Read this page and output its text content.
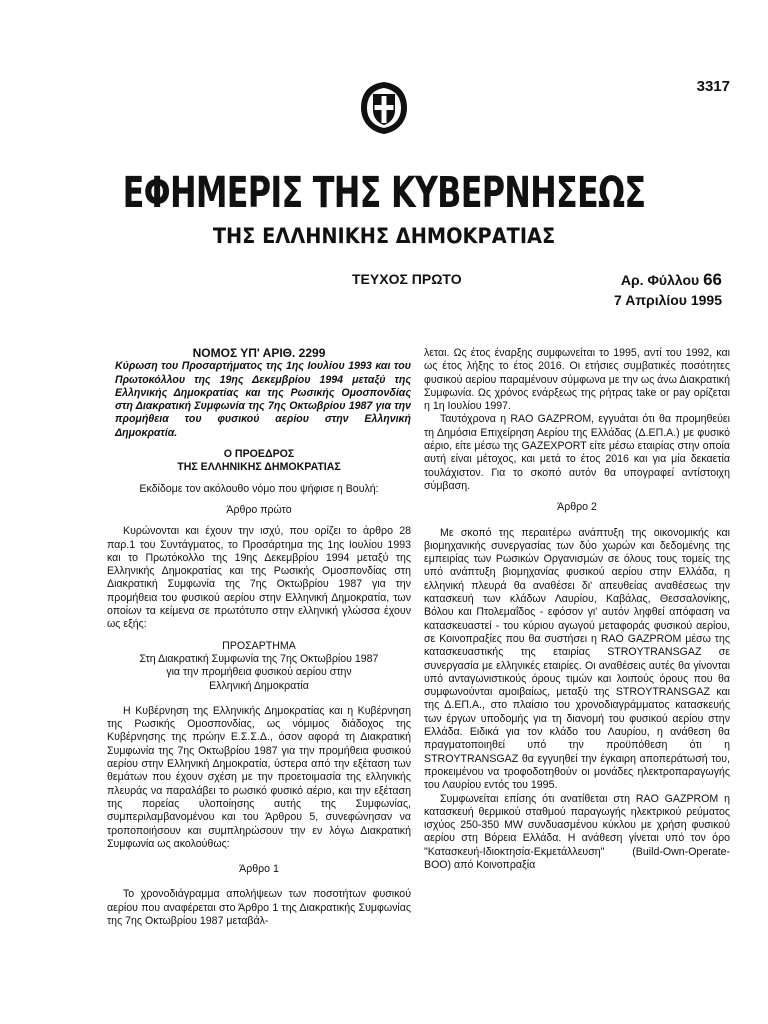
3317
ΕΦΗΜΕΡΙΣ ΤΗΣ ΚΥΒΕΡΝΗΣΕΩΣ
ΤΗΣ ΕΛΛΗΝΙΚΗΣ ΔΗΜΟΚΡΑΤΙΑΣ
ΤΕΥΧΟΣ ΠΡΩΤΟ	Αρ. Φύλλου 66
7 Απριλίου 1995

ΝΟΜΟΣ ΥΠ' ΑΡΙΘ. 2299

Κύρωση του Προσαρτήματος της 1ης Ιουλίου 1993 και του Πρωτοκόλλου της 19ης Δεκεμβρίου 1994 μεταξύ της Ελληνικής Δημοκρατίας και της Ρωσικής Ομοσπονδίας στη Διακρατική Συμφωνία της 7ης Οκτωβρίου 1987 για την προμήθεια του φυσικού αερίου στην Ελληνική Δημοκρατία.

Ο ΠΡΟΕΔΡΟΣ

ΤΗΣ ΕΛΛΗΝΙΚΗΣ ΔΗΜΟΚΡΑΤΙΑΣ

Εκδίδομε τον ακόλουθο νόμο που ψήφισε η Βουλή:

Άρθρο πρώτο

Κυρώνονται και έχουν την ισχύ, που ορίζει το άρθρο 28 παρ.1 του Συντάγματος, το Προσάρτημα της 1ης Ιουλίου 1993 και το Πρωτόκολλο της 19ης Δεκεμβρίου 1994 μεταξύ της Ελληνικής Δημοκρατίας και της Ρωσικής Ομοσπονδίας στη Διακρατική Συμφωνία της 7ης Οκτωβρίου 1987 για την προμήθεια του φυσικού αερίου στην Ελληνική Δημοκρατία, των οποίων τα κείμενα σε πρωτότυπο στην ελληνική γλώσσα έχουν ως εξής:

ΠΡΟΣΑΡΤΗΜΑ

Στη Διακρατική Συμφωνία της 7ης Οκτωβρίου 1987

για την προμήθεια φυσικού αερίου στην

Ελληνική Δημοκρατία

Η Κυβέρνηση της Ελληνικής Δημοκρατίας και η Κυβέρνηση της Ρωσικής Ομοσπονδίας, ως νόμιμος διάδοχος της Κυβέρνησης της πρώην Ε.Σ.Σ.Δ., όσον αφορά τη Διακρατική Συμφωνία της 7ης Οκτωβρίου 1987 για την προμήθεια φυσικού αερίου στην Ελληνική Δημοκρατία, ύστερα από την εξέταση των θεμάτων που έχουν σχέση με την προετοιμασία της ελληνικής πλευράς να παραλάβει το ρωσικό φυσικό αέριο, και την εξέταση της πορείας υλοποίησης αυτής της Συμφωνίας, συμπεριλαμβανομένου και του Άρθρου 5, συνεφώνησαν να τροποποιήσουν και συμπληρώσουν την εν λόγω Διακρατική Συμφωνία ως ακολούθως:

Άρθρο 1

Το χρονοδιάγραμμα απολήψεων των ποσοτήτων φυσικού αερίου που αναφέρεται στο Άρθρο 1 της Διακρατικής Συμφωνίας της 7ης Οκτωβρίου 1987 μεταβάλ-

λεται. Ως έτος έναρξης συμφωνείται το 1995, αντί του 1992, και ως έτος λήξης το έτος 2016. Οι ετήσιες συμβατικές ποσότητες φυσικού αερίου παραμένουν σύμφωνα με την ως άνω Διακρατική Συμφωνία. Ως χρόνος ενάρξεως της ρήτρας take or pay ορίζεται η 1η Ιουλίου 1997.

Ταυτόχρονα η RAO GAZPROM, εγγυάται ότι θα προμηθεύει τη Δημόσια Επιχείρηση Αερίου της Ελλάδας (Δ.ΕΠ.Α.) με φυσικό αέριο, είτε μέσω της GAZEXPORT είτε μέσω εταιρίας στην οποία αυτή είναι μέτοχος, και μετά το έτος 2016 και για μία δεκαετία τουλάχιστον. Για το σκοπό αυτόν θα υπογραφεί αντίστοιχη σύμβαση.

Άρθρο 2

Με σκοπό της περαιτέρω ανάπτυξη της οικονομικής και βιομηχανικής συνεργασίας των δύο χωρών και δεδομένης της εμπειρίας των Ρωσικών Οργανισμών σε όλους τους τομείς της υπό ανάπτυξη βιομηχανίας φυσικού αερίου στην Ελλάδα, η ελληνική πλευρά θα αναθέσει δι' απευθείας αναθέσεως την κατασκευή των κλάδων Λαυρίου, Καβάλας, Θεσσαλονίκης, Βόλου και Πτολεμαΐδος - εφόσον γι' αυτόν ληφθεί απόφαση να κατασκευαστεί - του κύριου αγωγού μεταφοράς φυσικού αερίου, σε Κοινοπραξίες που θα συστήσει η RAO GAZPROM μέσω της κατασκευαστικής της εταιρίας STROYTRANSGAZ σε συνεργασία με ελληνικές εταιρίες. Οι αναθέσεις αυτές θα γίνονται υπό ανταγωνιστικούς όρους τιμών και λοιπούς όρους που θα συμφωνούνται αμοιβαίως, μεταξύ της STROYTRANSGAZ και της Δ.ΕΠ.Α., στο πλαίσιο του χρονοδιαγράμματος κατασκευής των έργων υποδομής για τη διανομή του φυσικού αερίου στην Ελλάδα. Ειδικά για τον κλάδο του Λαυρίου, η ανάθεση θα πραγματοποιηθεί υπό την προϋπόθεση ότι η STROYTRANSGAZ θα εγγυηθεί την έγκαιρη αποπεράτωσή του, προκειμένου να τροφοδοτηθούν οι μονάδες ηλεκτροπαραγωγής του Λαυρίου εντός του 1995.

Συμφωνείται επίσης ότι ανατίθεται στη RAO GAZPROM η κατασκευή θερμικού σταθμού παραγωγής ηλεκτρικού ρεύματος ισχύος 250-350 MW συνδυασμένου κύκλου με χρήση φυσικού αερίου στη Βόρεια Ελλάδα. Η ανάθεση γίνεται υπό τον όρο "Κατασκευή-Ιδιοκτησία-Εκμετάλλευση" (Build-Own-Operate-BOO) από Κοινοπραξία
